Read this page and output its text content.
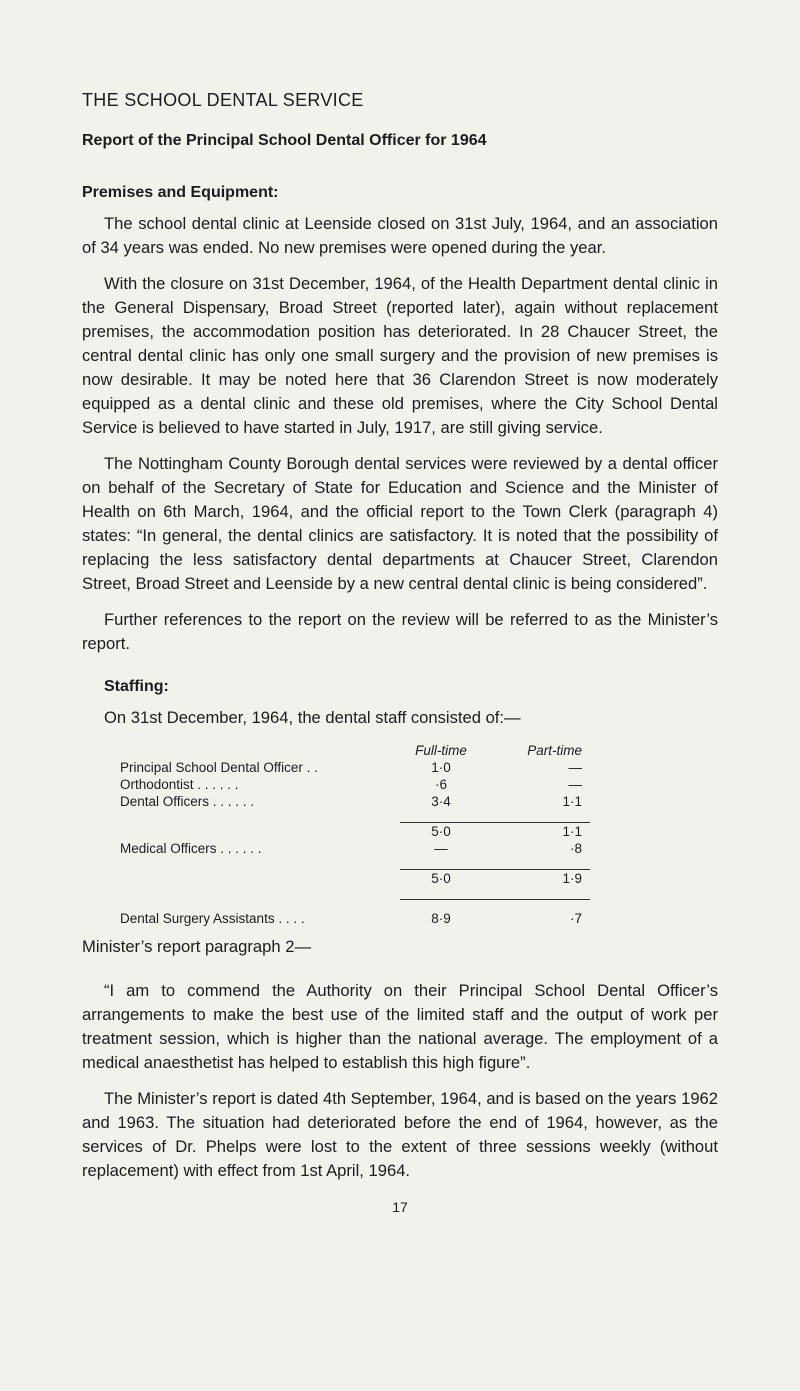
THE SCHOOL DENTAL SERVICE

Report of the Principal School Dental Officer for 1964

Premises and Equipment:

The school dental clinic at Leenside closed on 31st July, 1964, and an association of 34 years was ended. No new premises were opened during the year.

With the closure on 31st December, 1964, of the Health Department dental clinic in the General Dispensary, Broad Street (reported later), again without replacement premises, the accommodation position has deteriorated. In 28 Chaucer Street, the central dental clinic has only one small surgery and the provision of new premises is now desirable. It may be noted here that 36 Clarendon Street is now moderately equipped as a dental clinic and these old premises, where the City School Dental Service is believed to have started in July, 1917, are still giving service.

The Nottingham County Borough dental services were reviewed by a dental officer on behalf of the Secretary of State for Education and Science and the Minister of Health on 6th March, 1964, and the official report to the Town Clerk (paragraph 4) states: “In general, the dental clinics are satisfactory. It is noted that the possibility of replacing the less satisfactory dental departments at Chaucer Street, Clarendon Street, Broad Street and Leenside by a new central dental clinic is being considered”.

Further references to the report on the review will be referred to as the Minister’s report.

Staffing:

On 31st December, 1964, the dental staff consisted of:—

	Full-time	Part-time
Principal School Dental Officer . .	1·0	—
Orthodontist . . . . . .	·6	—
Dental Officers . . . . . .	3·4	1·1

	5·0	1·1
Medical Officers . . . . . .	—	·8

	5·0	1·9

Dental Surgery Assistants . . . .	8·9	·7

Minister’s report paragraph 2—

“I am to commend the Authority on their Principal School Dental Officer’s arrangements to make the best use of the limited staff and the output of work per treatment session, which is higher than the national average. The employment of a medical anaesthetist has helped to establish this high figure”.

The Minister’s report is dated 4th September, 1964, and is based on the years 1962 and 1963. The situation had deteriorated before the end of 1964, however, as the services of Dr. Phelps were lost to the extent of three sessions weekly (without replacement) with effect from 1st April, 1964.

17
